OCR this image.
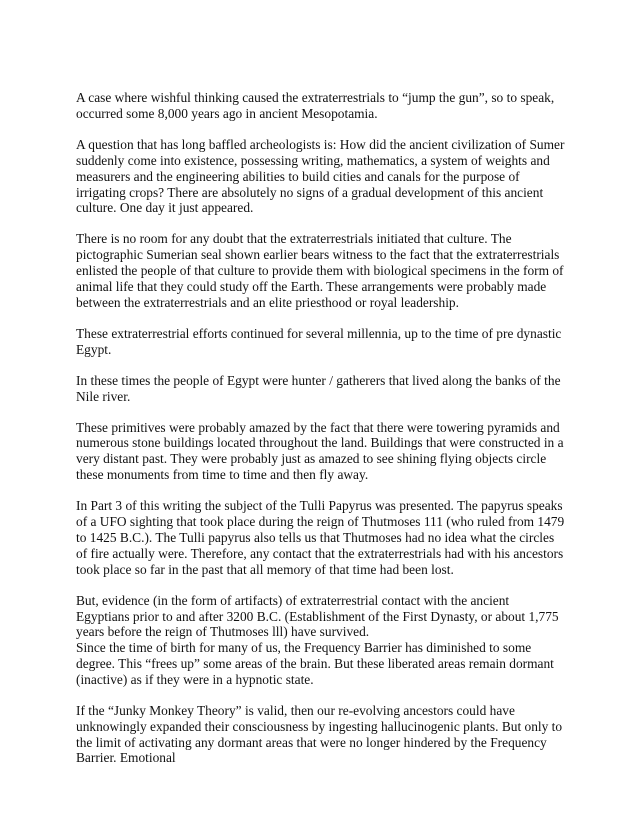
A case where wishful thinking caused the extraterrestrials to “jump the gun”, so to speak, occurred some 8,000 years ago in ancient Mesopotamia.

A question that has long baffled archeologists is: How did the ancient civilization of Sumer suddenly come into existence, possessing writing, mathematics, a system of weights and measurers and the engineering abilities to build cities and canals for the purpose of irrigating crops? There are absolutely no signs of a gradual development of this ancient culture. One day it just appeared.

There is no room for any doubt that the extraterrestrials initiated that culture. The pictographic Sumerian seal shown earlier bears witness to the fact that the extraterrestrials enlisted the people of that culture to provide them with biological specimens in the form of animal life that they could study off the Earth. These arrangements were probably made between the extraterrestrials and an elite priesthood or royal leadership.

These extraterrestrial efforts continued for several millennia, up to the time of pre dynastic Egypt.

In these times the people of Egypt were hunter / gatherers that lived along the banks of the Nile river.

These primitives were probably amazed by the fact that there were towering pyramids and numerous stone buildings located throughout the land. Buildings that were constructed in a very distant past. They were probably just as amazed to see shining flying objects circle these monuments from time to time and then fly away.

In Part 3 of this writing the subject of the Tulli Papyrus was presented. The papyrus speaks of a UFO sighting that took place during the reign of Thutmoses 111 (who ruled from 1479 to 1425 B.C.). The Tulli papyrus also tells us that Thutmoses had no idea what the circles of fire actually were. Therefore, any contact that the extraterrestrials had with his ancestors took place so far in the past that all memory of that time had been lost.

But, evidence (in the form of artifacts) of extraterrestrial contact with the ancient Egyptians prior to and after 3200 B.C. (Establishment of the First Dynasty, or about 1,775 years before the reign of Thutmoses lll) have survived.

Since the time of birth for many of us, the Frequency Barrier has diminished to some degree. This “frees up” some areas of the brain. But these liberated areas remain dormant (inactive) as if they were in a hypnotic state.

If the “Junky Monkey Theory” is valid, then our re-evolving ancestors could have unknowingly expanded their consciousness by ingesting hallucinogenic plants. But only to the limit of activating any dormant areas that were no longer hindered by the Frequency Barrier. Emotional
